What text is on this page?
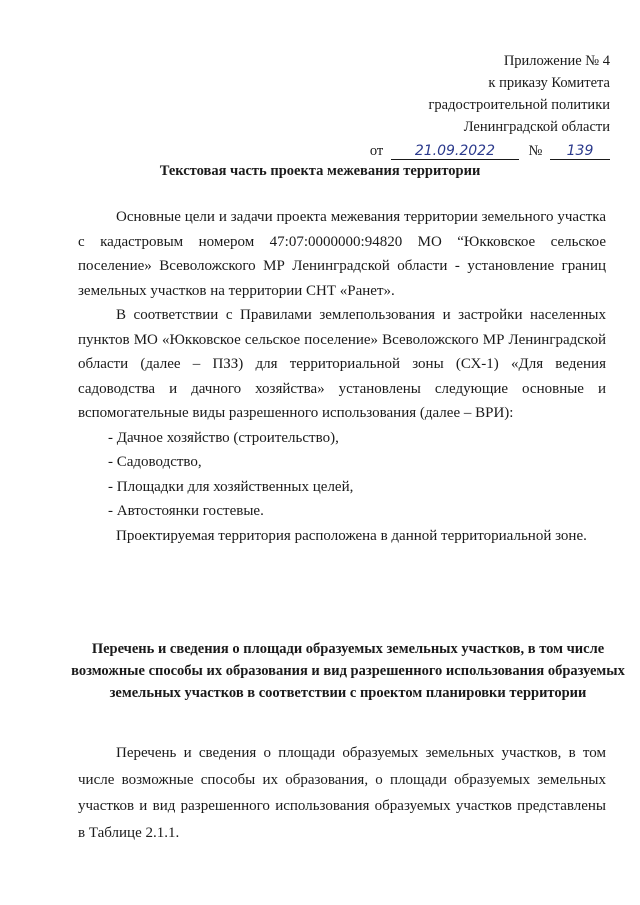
Приложение № 4
к приказу Комитета
градостроительной политики
Ленинградской области
от 21.09.2022 № 139
Текстовая часть проекта межевания территории

Основные цели и задачи проекта межевания территории земельного участка с кадастровым номером 47:07:0000000:94820 МО “Юкковское сельское поселение» Всеволожского МР Ленинградской области - установление границ земельных участков на территории СНТ «Ранет».

В соответствии с Правилами землепользования и застройки населенных пунктов МО «Юкковское сельское поселение» Всеволожского МР Ленинградской области (далее – ПЗЗ) для территориальной зоны (СХ-1) «Для ведения садоводства и дачного хозяйства» установлены следующие основные и вспомогательные виды разрешенного использования (далее – ВРИ):

- Дачное хозяйство (строительство),

- Садоводство,

- Площадки для хозяйственных целей,

- Автостоянки гостевые.

Проектируемая территория расположена в данной территориальной зоне.

Перечень и сведения о площади образуемых земельных участков, в том числе возможные способы их образования и вид разрешенного использования образуемых земельных участков в соответствии с проектом планировки территории

Перечень и сведения о площади образуемых земельных участков, в том числе возможные способы их образования, о площади образуемых земельных участков и вид разрешенного использования образуемых участков представлены в Таблице 2.1.1.
